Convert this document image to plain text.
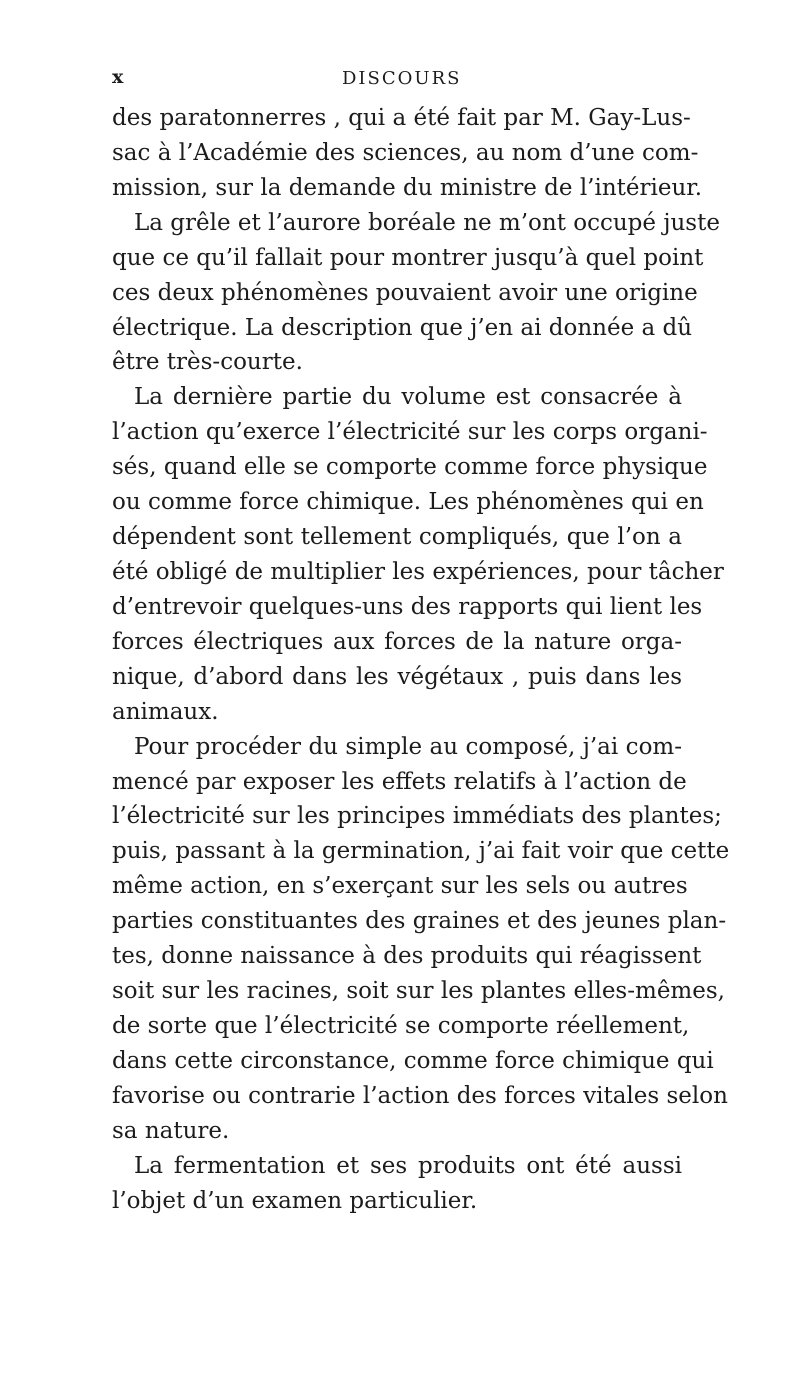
x	DISCOURS
des paratonnerres , qui a été fait par M. Gay-Lus-
sac à l’Académie des sciences, au nom d’une com-
mission, sur la demande du ministre de l’intérieur.
La grêle et l’aurore boréale ne m’ont occupé juste
que ce qu’il fallait pour montrer jusqu’à quel point
ces deux phénomènes pouvaient avoir une origine
électrique. La description que j’en ai donnée a dû
être très-courte.
La dernière partie du volume est consacrée à
l’action qu’exerce l’électricité sur les corps organi-
sés, quand elle se comporte comme force physique
ou comme force chimique. Les phénomènes qui en
dépendent sont tellement compliqués, que l’on a
été obligé de multiplier les expériences, pour tâcher
d’entrevoir quelques-uns des rapports qui lient les
forces électriques aux forces de la nature orga-
nique, d’abord dans les végétaux , puis dans les
animaux.
Pour procéder du simple au composé, j’ai com-
mencé par exposer les effets relatifs à l’action de
l’électricité sur les principes immédiats des plantes;
puis, passant à la germination, j’ai fait voir que cette
même action, en s’exerçant sur les sels ou autres
parties constituantes des graines et des jeunes plan-
tes, donne naissance à des produits qui réagissent
soit sur les racines, soit sur les plantes elles-mêmes,
de sorte que l’électricité se comporte réellement,
dans cette circonstance, comme force chimique qui
favorise ou contrarie l’action des forces vitales selon
sa nature.
La fermentation et ses produits ont été aussi
l’objet d’un examen particulier.
